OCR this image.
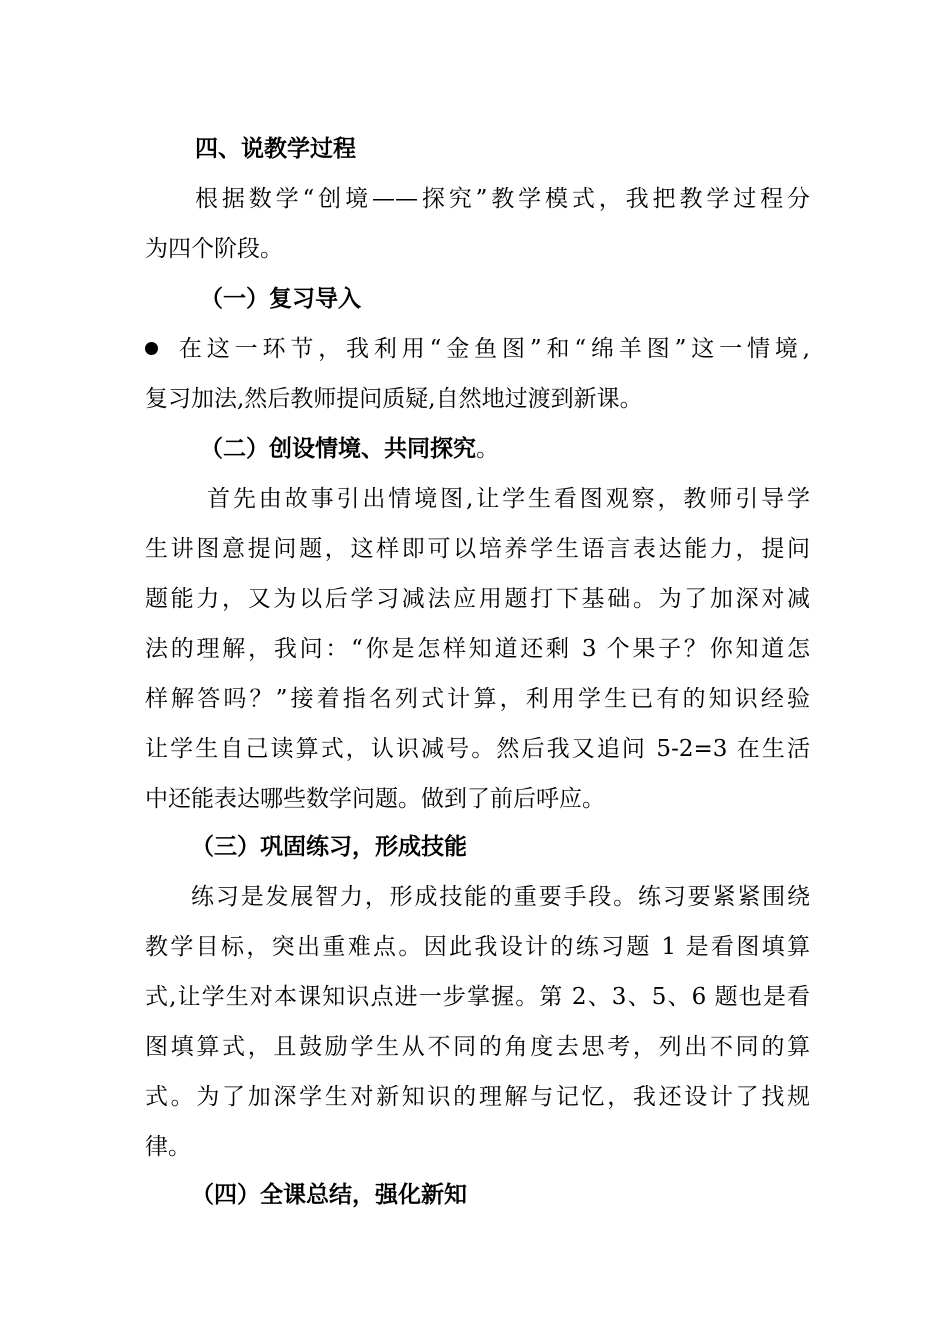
四、说教学过程
根据数学“创境——探究”教学模式，我把教学过程分
为四个阶段。
（一）复习导入
在这一环节，我利用“金鱼图”和“绵羊图”这一情境,
复习加法,然后教师提问质疑,自然地过渡到新课。
（二）创设情境、共同探究。
首先由故事引出情境图,让学生看图观察，教师引导学
生讲图意提问题，这样即可以培养学生语言表达能力，提问
题能力，又为以后学习减法应用题打下基础。为了加深对减
法的理解，我问：“你是怎样知道还剩 3 个果子？你知道怎
样解答吗？”接着指名列式计算，利用学生已有的知识经验
让学生自己读算式，认识减号。然后我又追问 5-2=3 在生活
中还能表达哪些数学问题。做到了前后呼应。
（三）巩固练习，形成技能
练习是发展智力，形成技能的重要手段。练习要紧紧围绕
教学目标，突出重难点。因此我设计的练习题 1 是看图填算
式,让学生对本课知识点进一步掌握。第 2、3、5、6 题也是看
图填算式，且鼓励学生从不同的角度去思考，列出不同的算
式。为了加深学生对新知识的理解与记忆，我还设计了找规
律。
（四）全课总结，强化新知
